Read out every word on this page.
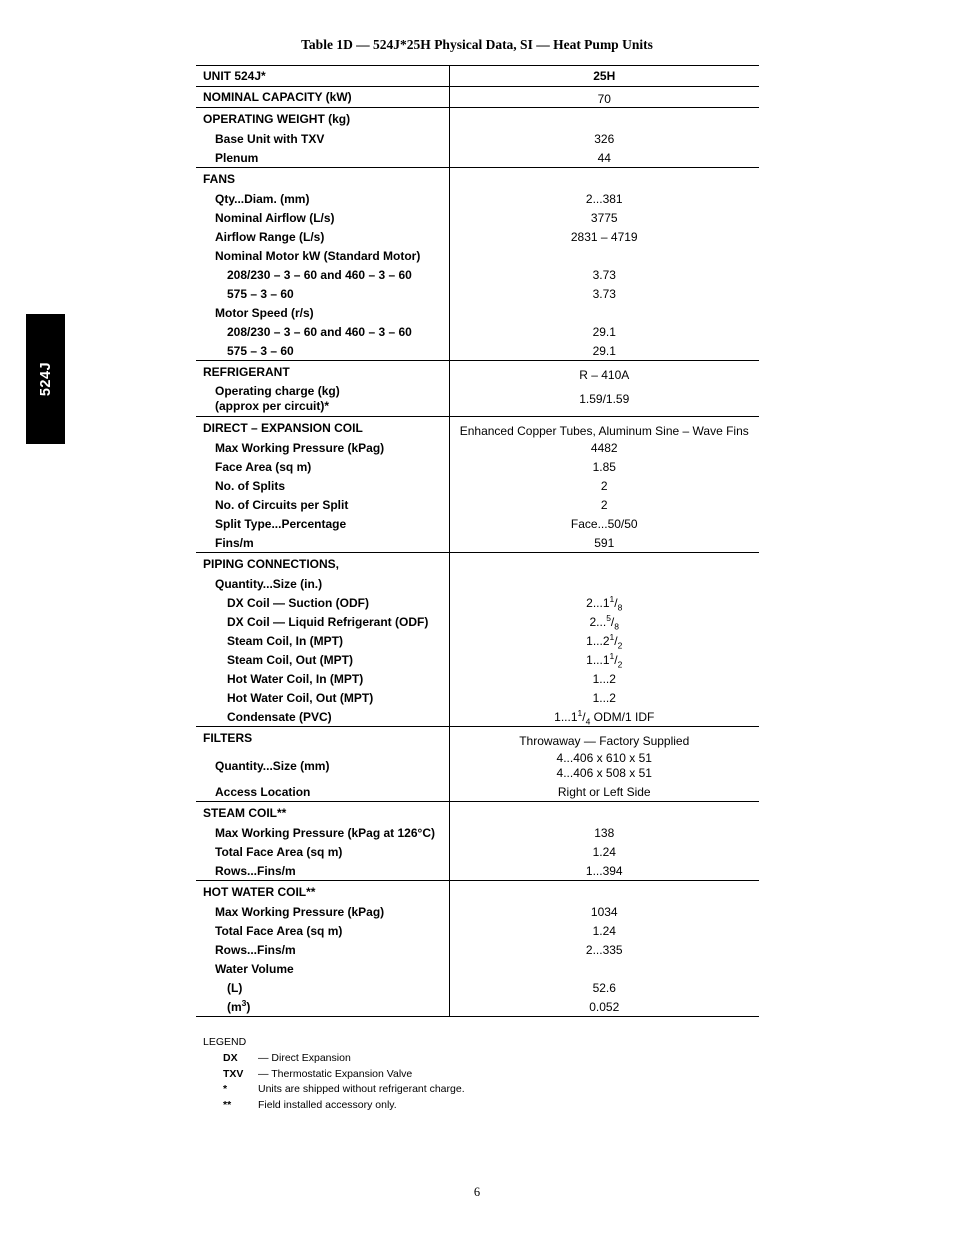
Table 1D — 524J*25H Physical Data, SI — Heat Pump Units
524J
UNIT 524J*	25H
NOMINAL CAPACITY (kW)	70
OPERATING WEIGHT (kg)	
Base Unit with TXV	326
Plenum	44
FANS	
Qty...Diam. (mm)	2...381
Nominal Airflow (L/s)	3775
Airflow Range (L/s)	2831 – 4719
Nominal Motor kW (Standard Motor)	
208/230 – 3 – 60 and 460 – 3 – 60	3.73
575 – 3 – 60	3.73
Motor Speed (r/s)	
208/230 – 3 – 60 and 460 – 3 – 60	29.1
575 – 3 – 60	29.1
REFRIGERANT	R – 410A

Operating charge (kg)
(approx per circuit)*	1.59/1.59
DIRECT – EXPANSION COIL	Enhanced Copper Tubes, Aluminum Sine – Wave Fins
Max Working Pressure (kPag)	4482
Face Area (sq m)	1.85
No. of Splits	2
No. of Circuits per Split	2
Split Type...Percentage	Face...50/50
Fins/m	591
PIPING CONNECTIONS,	
Quantity...Size (in.)	
DX Coil — Suction (ODF)	$2...1^1/_8$
DX Coil — Liquid Refrigerant (ODF)	$2...^5/_8$
Steam Coil, In (MPT)	$1...2^1/_2$
Steam Coil, Out (MPT)	$1...1^1/_2$
Hot Water Coil, In (MPT)	1...2
Hot Water Coil, Out (MPT)	1...2
Condensate (PVC)	$1...1^1/_4$ ODM/1 IDF
FILTERS	Throwaway — Factory Supplied
Quantity...Size (mm)	4...406 x 610 x 51
4...406 x 508 x 51

Access Location	Right or Left Side
STEAM COIL**	
Max Working Pressure (kPag at 126°C)	138
Total Face Area (sq m)	1.24
Rows...Fins/m	1...394
HOT WATER COIL**	
Max Working Pressure (kPag)	1034
Total Face Area (sq m)	1.24
Rows...Fins/m	2...335
Water Volume	
(L)	52.6
$(m^3)$	0.052
LEGEND
DX — Direct Expansion
TXV — Thermostatic Expansion Valve
*	Units are shipped without refrigerant charge.
**	Field installed accessory only.
6
